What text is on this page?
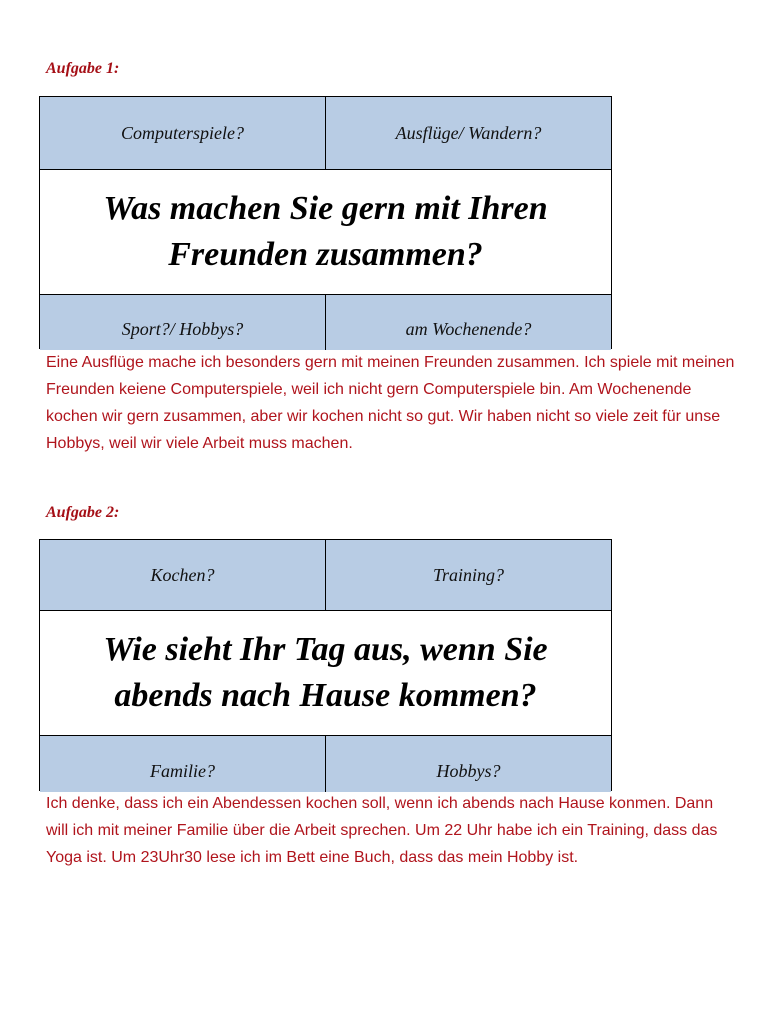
Aufgabe 1:
Computerspiele?	Ausflüge/ Wandern?
Was machen Sie gern mit Ihren Freunden zusammen?
Sport?/ Hobbys?	am Wochenende?

Eine Ausflüge mache ich besonders gern mit meinen Freunden zusammen. Ich spiele mit meinen Freunden keiene Computerspiele, weil ich nicht gern Computerspiele bin. Am Wochenende kochen wir gern zusammen, aber wir kochen nicht so gut. Wir haben nicht so viele zeit für unse Hobbys, weil wir viele Arbeit muss machen.

Aufgabe 2:
Kochen?	Training?
Wie sieht Ihr Tag aus, wenn Sie abends nach Hause kommen?
Familie?	Hobbys?

Ich denke, dass ich ein Abendessen kochen soll, wenn ich abends nach Hause konmen. Dann will ich mit meiner Familie über die Arbeit sprechen. Um 22 Uhr habe ich ein Training, dass das Yoga ist. Um 23Uhr30 lese ich im Bett eine Buch, dass das mein Hobby ist.
